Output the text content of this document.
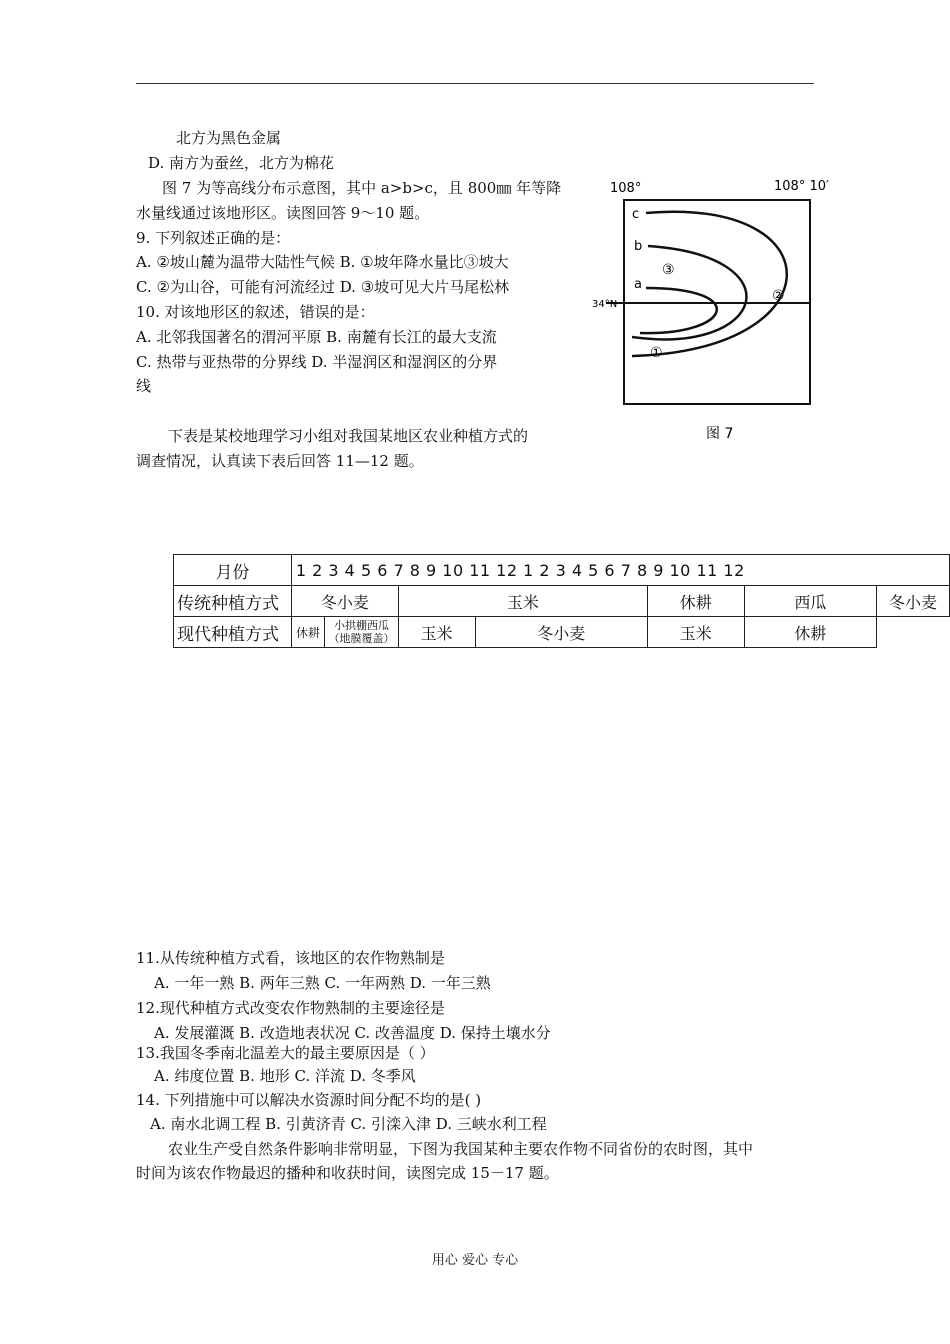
北方为黑色金属
D. 南方为蚕丝，北方为棉花
图 7 为等高线分布示意图，其中 a>b>c，且 800㎜ 年等降
水量线通过该地形区。读图回答 9～10 题。
9. 下列叙述正确的是：
A. ②坡山麓为温带大陆性气候 B. ①坡年降水量比③坡大
C. ②为山谷，可能有河流经过 D. ③坡可见大片马尾松林
10. 对该地形区的叙述，错误的是：
A. 北邻我国著名的渭河平原 B. 南麓有长江的最大支流
C. 热带与亚热带的分界线 D. 半湿润区和湿润区的分界
线
下表是某校地理学习小组对我国某地区农业种植方式的
调查情况，认真读下表后回答 11—12 题。
108°	108° 10′
34°N
c
b
a
③
②
①
图 7
月份	1 2 3 4 5 6 7 8 9 10 11 12 1 2 3 4 5 6 7 8 9 10 11 12						
传统种植方式	冬小麦		玉米		休耕	西瓜	冬小麦
现代种植方式	休耕	小拱棚西瓜
（地膜覆盖）	玉米	冬小麦	玉米	休耕	
11.从传统种植方式看，该地区的农作物熟制是
A. 一年一熟 B. 两年三熟 C. 一年两熟 D. 一年三熟
12.现代种植方式改变农作物熟制的主要途径是
A. 发展灌溉 B. 改造地表状况 C. 改善温度 D. 保持土壤水分
13.我国冬季南北温差大的最主要原因是（ ）
A. 纬度位置 B. 地形 C. 洋流 D. 冬季风
14. 下列措施中可以解决水资源时间分配不均的是( )
A. 南水北调工程 B. 引黄济青 C. 引滦入津 D. 三峡水利工程
农业生产受自然条件影响非常明显，下图为我国某种主要农作物不同省份的农时图，其中
时间为该农作物最迟的播种和收获时间，读图完成 15－17 题。
用心 爱心 专心
